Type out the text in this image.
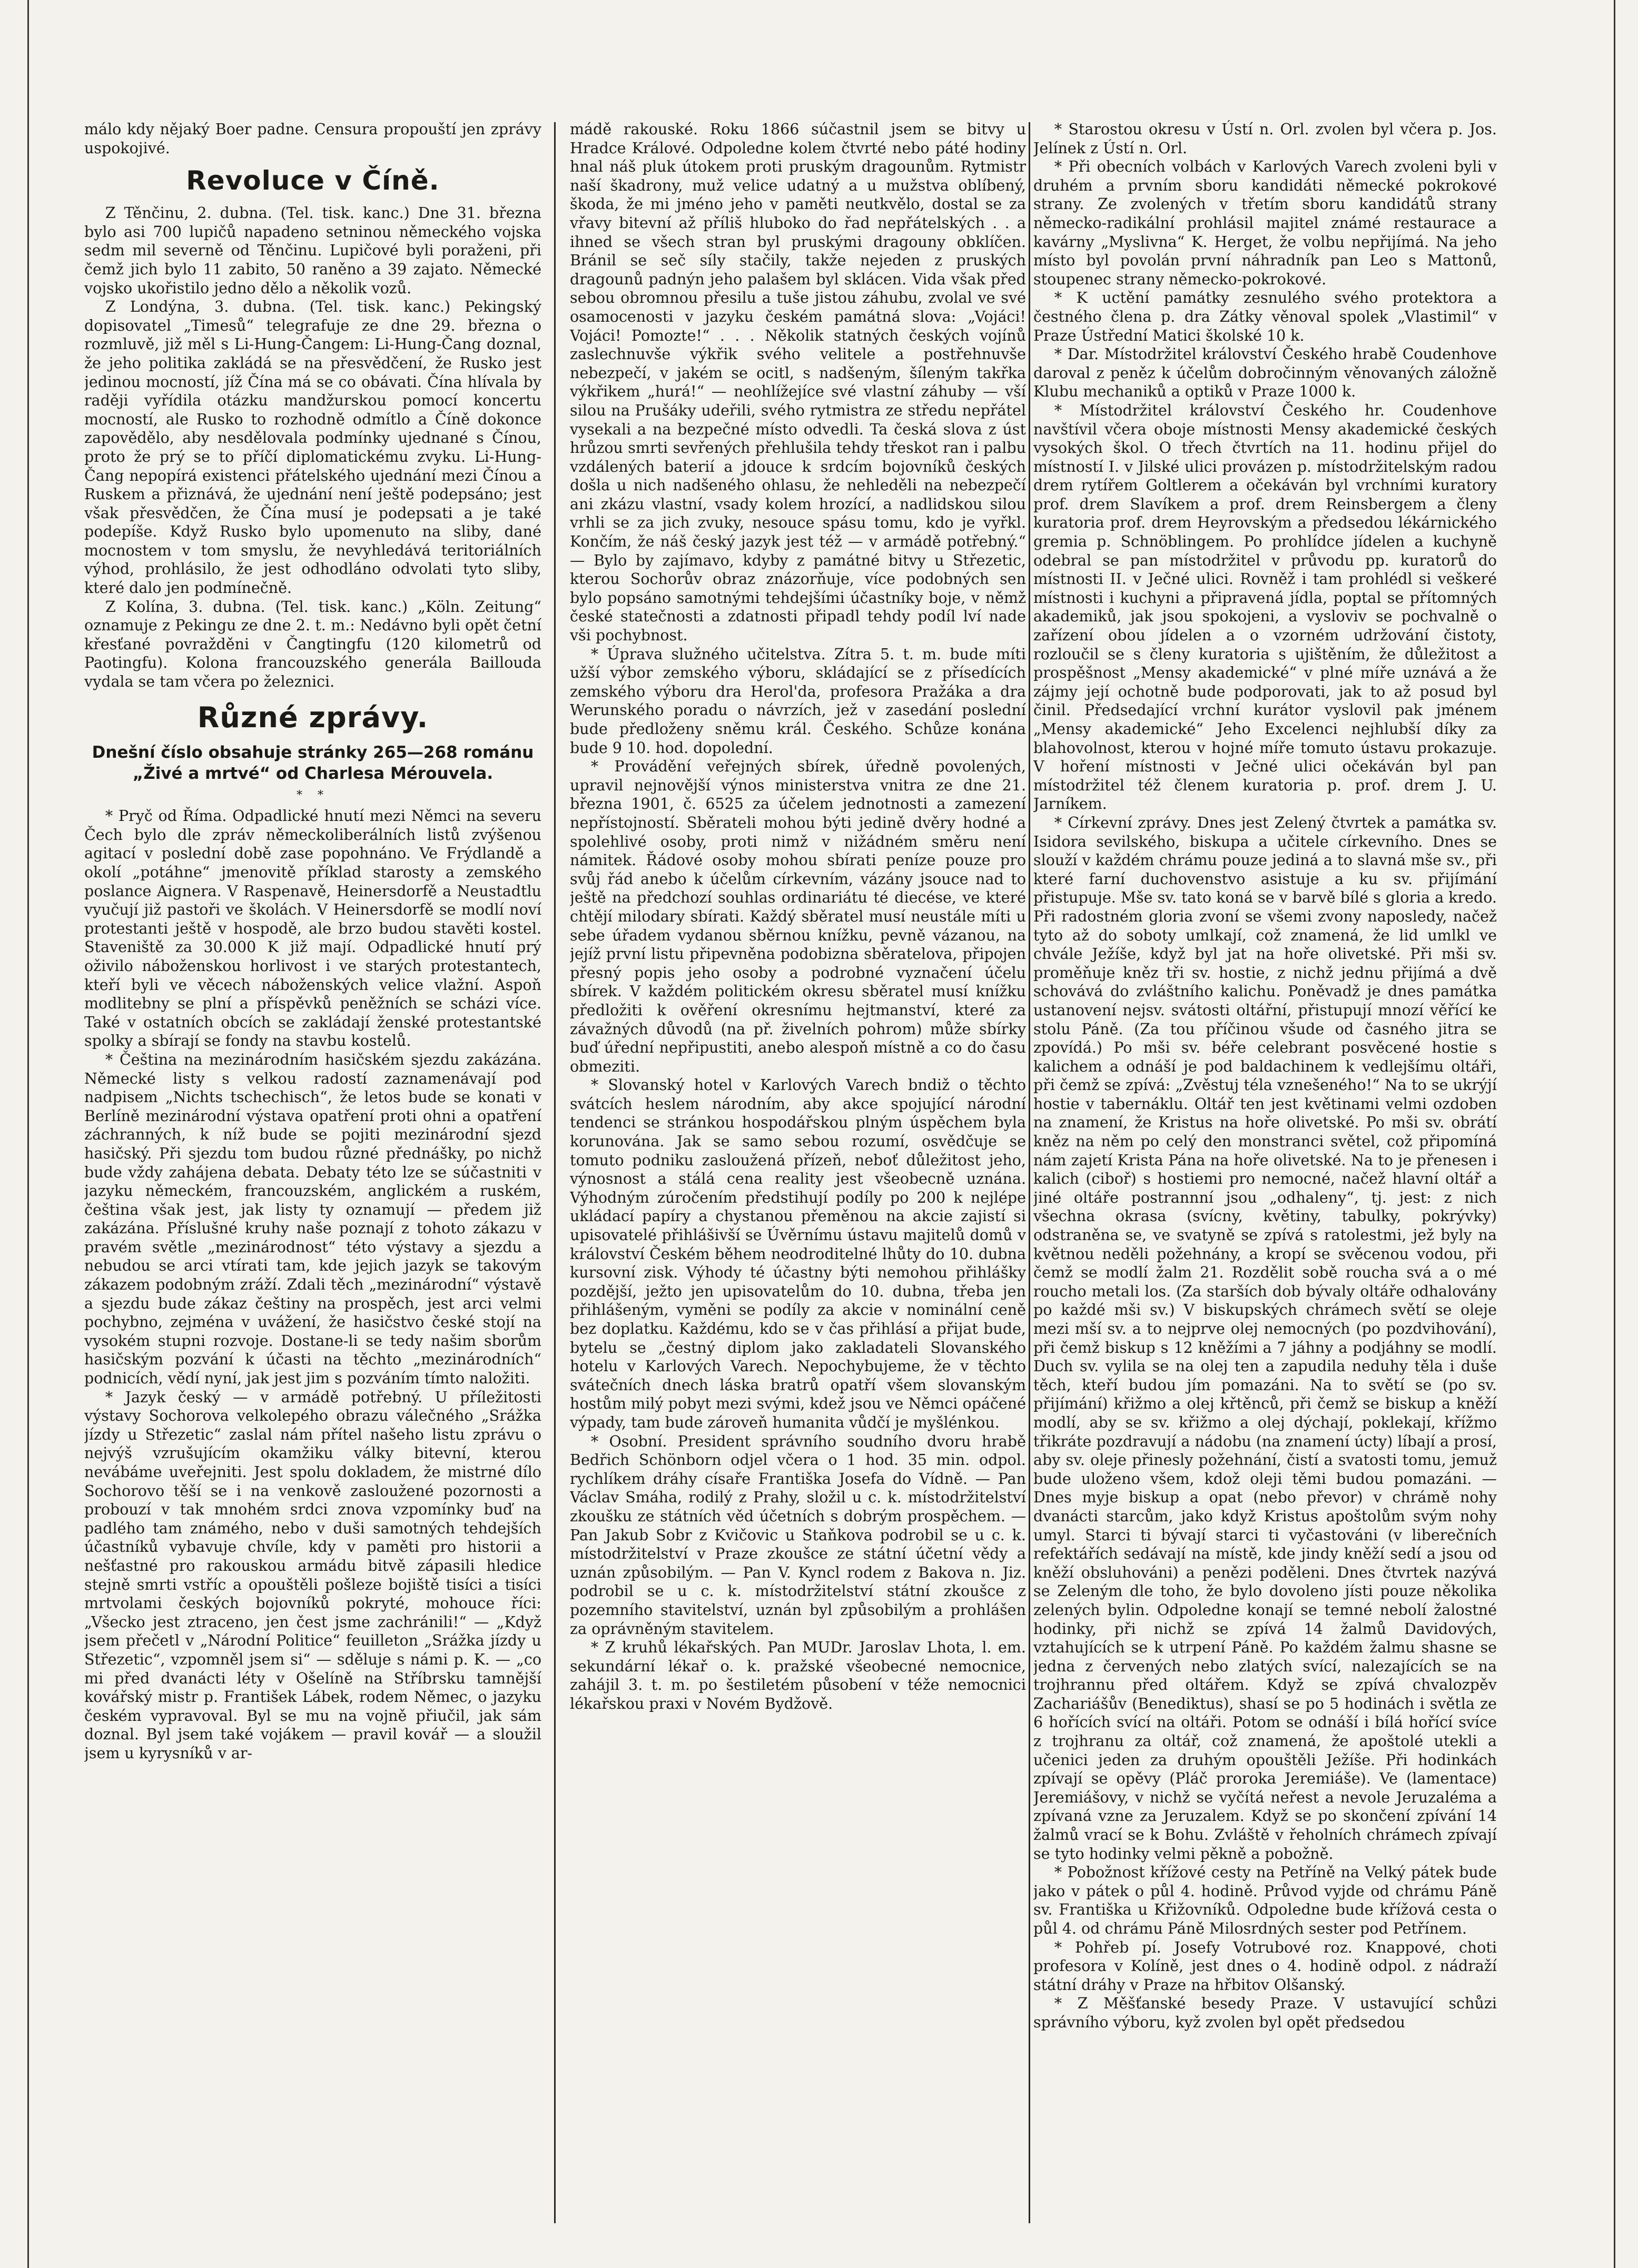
málo kdy nějaký Boer padne. Censura propouští jen zprávy uspokojivé.

Revoluce v Číně.

Z Těnčinu, 2. dubna. (Tel. tisk. kanc.) Dne 31. března bylo asi 700 lupičů napadeno setninou německého vojska sedm mil severně od Těnčinu. Lupičové byli poraženi, při čemž jich bylo 11 zabito, 50 raněno a 39 zajato. Německé vojsko ukořistilo jedno dělo a několik vozů.

Z Londýna, 3. dubna. (Tel. tisk. kanc.) Pekingský dopisovatel „Timesů“ telegrafuje ze dne 29. března o rozmluvě, již měl s Li-Hung-Čangem: Li-Hung-Čang doznal, že jeho politika zakládá se na přesvědčení, že Rusko jest jedinou mocností, jíž Čína má se co obávati. Čína hlívala by raději vyřídila otázku mandžurskou pomocí koncertu mocností, ale Rusko to rozhodně odmítlo a Číně dokonce zapovědělo, aby nesdělovala podmínky ujednané s Čínou, proto že prý se to příčí diplomatickému zvyku. Li-Hung-Čang nepopírá existenci přátelského ujednání mezi Čínou a Ruskem a přiznává, že ujednání není ještě podepsáno; jest však přesvědčen, že Čína musí je podepsati a je také podepíše. Když Rusko bylo upomenuto na sliby, dané mocnostem v tom smyslu, že nevyhledává teritoriálních výhod, prohlásilo, že jest odhodláno odvolati tyto sliby, které dalo jen podmínečně.

Z Kolína, 3. dubna. (Tel. tisk. kanc.) „Köln. Zeitung“ oznamuje z Pekingu ze dne 2. t. m.: Nedávno byli opět četní křesťané povražděni v Čangtingfu (120 kilometrů od Paotingfu). Kolona francouzského generála Baillouda vydala se tam včera po železnici.

Různé zprávy.
Dnešní číslo obsahuje stránky 265—268 románu „Živé a mrtvé“ od Charlesa Mérouvela.
* *

* Pryč od Říma. Odpadlické hnutí mezi Němci na severu Čech bylo dle zpráv německoliberálních listů zvýšenou agitací v poslední době zase popohnáno. Ve Frýdlandě a okolí „potáhne“ jmenovitě příklad starosty a zemského poslance Aignera. V Raspenavě, Heinersdorfě a Neustadtlu vyučují již pastoři ve školách. V Heinersdorfě se modlí noví protestanti ještě v hospodě, ale brzo budou stavěti kostel. Staveniště za 30.000 K již mají. Odpadlické hnutí prý oživilo náboženskou horlivost i ve starých protestantech, kteří byli ve věcech náboženských velice vlažní. Aspoň modlitebny se plní a příspěvků peněžních se scházi více. Také v ostatních obcích se zakládají ženské protestantské spolky a sbírají se fondy na stavbu kostelů.

* Čeština na mezinárodním hasičském sjezdu zakázána. Německé listy s velkou radostí zaznamenávají pod nadpisem „Nichts tschechisch“, že letos bude se konati v Berlíně mezinárodní výstava opatření proti ohni a opatření záchranných, k níž bude se pojiti mezinárodní sjezd hasičský. Při sjezdu tom budou různé přednášky, po nichž bude vždy zahájena debata. Debaty této lze se súčastniti v jazyku německém, francouzském, anglickém a ruském, čeština však jest, jak listy ty oznamují — předem již zakázána. Příslušné kruhy naše poznají z tohoto zákazu v pravém světle „mezinárodnost“ této výstavy a sjezdu a nebudou se arci vtírati tam, kde jejich jazyk se takovým zákazem podobným zráží. Zdali těch „mezinárodní“ výstavě a sjezdu bude zákaz češtiny na prospěch, jest arci velmi pochybno, zejména v uvážení, že hasičstvo české stojí na vysokém stupni rozvoje. Dostane-li se tedy našim sborům hasičským pozvání k účasti na těchto „mezinárodních“ podnicích, vědí nyní, jak jest jim s pozváním tímto naložiti.

* Jazyk český — v armádě potřebný. U příležitosti výstavy Sochorova velkolepého obrazu válečného „Srážka jízdy u Střezetic“ zaslal nám přítel našeho listu zprávu o nejvýš vzrušujícím okamžiku války bitevní, kterou nevábáme uveřejniti. Jest spolu dokladem, že mistrné dílo Sochorovo těší se i na venkově zasloužené pozornosti a probouzí v tak mnohém srdci znova vzpomínky buď na padlého tam známého, nebo v duši samotných tehdejších účastníků vybavuje chvíle, kdy v paměti pro historii a nešťastné pro rakouskou armádu bitvě zápasili hledice stejně smrti vstříc a opouštěli pošleze bojiště tisíci a tisíci mrtvolami českých bojovníků pokryté, mohouce říci: „Všecko jest ztraceno, jen čest jsme zachránili!“ — „Když jsem přečetl v „Národní Politice“ feuilleton „Srážka jízdy u Střezetic“, vzpomněl jsem si“ — sděluje s námi p. K. — „co mi před dvanácti léty v Ošelíně na Stříbrsku tamnější kovářský mistr p. František Lábek, rodem Němec, o jazyku českém vypravoval. Byl se mu na vojně přiučil, jak sám doznal. Byl jsem také vojákem — pravil kovář — a sloužil jsem u kyrysníků v ar-

mádě rakouské. Roku 1866 súčastnil jsem se bitvy u Hradce Králové. Odpoledne kolem čtvrté nebo páté hodiny hnal náš pluk útokem proti pruským dragounům. Rytmistr naší škadrony, muž velice udatný a u mužstva oblíbený, škoda, že mi jméno jeho v paměti neutkvělo, dostal se za vřavy bitevní až příliš hluboko do řad nepřátelských . . a ihned se všech stran byl pruskými dragouny obklíčen. Bránil se seč síly stačily, takže nejeden z pruských dragounů padnýn jeho palašem byl sklácen. Vida však před sebou obromnou přesilu a tuše jistou záhubu, zvolal ve své osamocenosti v jazyku českém památná slova: „Vojáci! Vojáci! Pomozte!“ . . . Několik statných českých vojínů zaslechnuvše výkřik svého velitele a postřehnuvše nebezpečí, v jakém se ocitl, s nadšeným, šíleným takřka výkřikem „hurá!“ — neohlížejíce své vlastní záhuby — vší silou na Prušáky udeřili, svého rytmistra ze středu nepřátel vysekali a na bezpečné místo odvedli. Ta česká slova z úst hrůzou smrti sevřených přehlušila tehdy třeskot ran i palbu vzdálených baterií a jdouce k srdcím bojovníků českých došla u nich nadšeného ohlasu, že nehleděli na nebezpečí ani zkázu vlastní, vsady kolem hrozící, a nadlidskou silou vrhli se za jich zvuky, nesouce spásu tomu, kdo je vyřkl. Končím, že náš český jazyk jest též — v armádě potřebný.“ — Bylo by zajímavo, kdyby z památné bitvy u Střezetic, kterou Sochorův obraz znázorňuje, více podobných sen bylo popsáno samotnými tehdejšími účastníky boje, v němž české statečnosti a zdatnosti připadl tehdy podíl lví nade vši pochybnost.

* Úprava služného učitelstva. Zítra 5. t. m. bude míti užší výbor zemského výboru, skládající se z přísedících zemského výboru dra Herol'da, profesora Pražáka a dra Werunského poradu o návrzích, jež v zasedání poslední bude předloženy sněmu král. Českého. Schůze konána bude 9 10. hod. dopolední.

* Provádění veřejných sbírek, úředně povolených, upravil nejnovější výnos ministerstva vnitra ze dne 21. března 1901, č. 6525 za účelem jednotnosti a zamezení nepřístojností. Sběrateli mohou býti jedině dvěry hodné a spolehlivé osoby, proti nimž v nižádném směru není námitek. Řádové osoby mohou sbírati peníze pouze pro svůj řád anebo k účelům církevním, vázány jsouce nad to ještě na předchozí souhlas ordinariátu té diecése, ve které chtějí milodary sbírati. Každý sběratel musí neustále míti u sebe úřadem vydanou sběrnou knížku, pevně vázanou, na jejíž první listu připevněna podobizna sběratelova, připojen přesný popis jeho osoby a podrobné vyznačení účelu sbírek. V každém politickém okresu sběratel musí knížku předložiti k ověření okresnímu hejtmanství, které za závažných důvodů (na př. živelních pohrom) může sbírky buď úřední nepřipustiti, anebo alespoň místně a co do času obmeziti.

* Slovanský hotel v Karlových Varech bndiž o těchto svátcích heslem národním, aby akce spojující národní tendenci se stránkou hospodářskou plným úspěchem byla korunována. Jak se samo sebou rozumí, osvědčuje se tomuto podniku zasloužená přízeň, neboť důležitost jeho, výnosnost a stálá cena reality jest všeobecně uznána. Výhodným zúročením předstihují podíly po 200 k nejlépe ukládací papíry a chystanou přeměnou na akcie zajistí si upisovatelé přihlášivší se Úvěrnímu ústavu majitelů domů v království Českém během neodroditelné lhůty do 10. dubna kursovní zisk. Výhody té účastny býti nemohou přihlášky pozdější, ježto jen upisovatelům do 10. dubna, třeba jen přihlášeným, vyměni se podíly za akcie v nominální ceně bez doplatku. Každému, kdo se v čas přihlásí a přijat bude, bytelu se „čestný diplom jako zakladateli Slovanského hotelu v Karlových Varech. Nepochybujeme, že v těchto svátečních dnech láska bratrů opatří všem slovanským hostům milý pobyt mezi svými, kdež jsou ve Němci opáčené výpady, tam bude zároveň humanita vůdčí je myšlénkou.

* Osobní. President správního soudního dvoru hrabě Bedřich Schönborn odjel včera o 1 hod. 35 min. odpol. rychlíkem dráhy císaře Františka Josefa do Vídně. — Pan Václav Smáha, rodilý z Prahy, složil u c. k. místodržitelství zkoušku ze státních věd účetních s dobrým prospěchem. — Pan Jakub Sobr z Kvičovic u Staňkova podrobil se u c. k. místodržitelství v Praze zkoušce ze státní účetní vědy a uznán způsobilým. — Pan V. Kyncl rodem z Bakova n. Jiz. podrobil se u c. k. místodržitelství státní zkoušce z pozemního stavitelství, uznán byl způsobilým a prohlášen za oprávněným stavitelem.

* Z kruhů lékařských. Pan MUDr. Jaroslav Lhota, l. em. sekundární lékař o. k. pražské všeobecné nemocnice, zahájil 3. t. m. po šestiletém působení v téže nemocnici lékařskou praxi v Novém Bydžově.

* Starostou okresu v Ústí n. Orl. zvolen byl včera p. Jos. Jelínek z Ústí n. Orl.

* Při obecních volbách v Karlových Varech zvoleni byli v druhém a prvním sboru kandidáti německé pokrokové strany. Ze zvolených v třetím sboru kandidátů strany německo-radikální prohlásil majitel známé restaurace a kavárny „Myslivna“ K. Herget, že volbu nepřijímá. Na jeho místo byl povolán první náhradník pan Leo s Mattonů, stoupenec strany německo-pokrokové.

* K uctění památky zesnulého svého protektora a čestného člena p. dra Zátky věnoval spolek „Vlastimil“ v Praze Ústřední Matici školské 10 k.

* Dar. Místodržitel království Českého hrabě Coudenhove daroval z peněz k účelům dobročinným věnovaných záložně Klubu mechaniků a optiků v Praze 1000 k.

* Místodržitel království Českého hr. Coudenhove navštívil včera oboje místnosti Mensy akademické českých vysokých škol. O třech čtvrtích na 11. hodinu přijel do místností I. v Jilské ulici provázen p. místodržitelským radou drem rytířem Goltlerem a očekáván byl vrchními kuratory prof. drem Slavíkem a prof. drem Reinsbergem a členy kuratoria prof. drem Heyrovským a předsedou lékárnického gremia p. Schnöblingem. Po prohlídce jídelen a kuchyně odebral se pan místodržitel v průvodu pp. kuratorů do místnosti II. v Ječné ulici. Rovněž i tam prohlédl si veškeré místnosti i kuchyni a připravená jídla, poptal se přítomných akademiků, jak jsou spokojeni, a vysloviv se pochvalně o zařízení obou jídelen a o vzorném udržování čistoty, rozloučil se s členy kuratoria s ujištěním, že důležitost a prospěšnost „Mensy akademické“ v plné míře uznává a že zájmy její ochotně bude podporovati, jak to až posud byl činil. Předsedající vrchní kurátor vyslovil pak jménem „Mensy akademické“ Jeho Excelenci nejhlubší díky za blahovolnost, kterou v hojné míře tomuto ústavu prokazuje. V hoření místnosti v Ječné ulici očekáván byl pan místodržitel též členem kuratoria p. prof. drem J. U. Jarníkem.

* Církevní zprávy. Dnes jest Zelený čtvrtek a památka sv. Isidora sevilského, biskupa a učitele církevního. Dnes se slouží v každém chrámu pouze jediná a to slavná mše sv., při které farní duchovenstvo asistuje a ku sv. přijímání přistupuje. Mše sv. tato koná se v barvě bílé s gloria a kredo. Při radostném gloria zvoní se všemi zvony naposledy, načež tyto až do soboty umlkají, což znamená, že lid umlkl ve chvále Ježíše, když byl jat na hoře olivetské. Při mši sv. proměňuje kněz tři sv. hostie, z nichž jednu přijímá a dvě schovává do zvláštního kalichu. Poněvadž je dnes památka ustanovení nejsv. svátosti oltářní, přistupují mnozí věřící ke stolu Páně. (Za tou příčinou všude od časného jitra se zpovídá.) Po mši sv. béře celebrant posvěcené hostie s kalichem a odnáší je pod baldachinem k vedlejšímu oltáři, při čemž se zpívá: „Zvěstuj téla vznešeného!“ Na to se ukrýjí hostie v tabernáklu. Oltář ten jest květinami velmi ozdoben na znamení, že Kristus na hoře olivetské. Po mši sv. obrátí kněz na něm po celý den monstranci světel, což připomíná nám zajetí Krista Pána na hoře olivetské. Na to je přenesen i kalich (ciboř) s hostiemi pro nemocné, načež hlavní oltář a jiné oltáře postrannní jsou „odhaleny“, tj. jest: z nich všechna okrasa (svícny, květiny, tabulky, pokrývky) odstraněna se, ve svatyně se zpívá s ratolestmi, jež byly na květnou neděli požehnány, a kropí se svěcenou vodou, při čemž se modlí žalm 21. Rozdělit sobě roucha svá a o mé roucho metali los. (Za starších dob bývaly oltáře odhalovány po každé mši sv.) V biskupských chrámech světí se oleje mezi mší sv. a to nejprve olej nemocných (po pozdvihování), při čemž biskup s 12 kněžími a 7 jáhny a podjáhny se modlí. Duch sv. vylila se na olej ten a zapudila neduhy těla i duše těch, kteří budou jím pomazáni. Na to světí se (po sv. přijímání) křižmo a olej křtěnců, při čemž se biskup a kněží modlí, aby se sv. křižmo a olej dýchají, poklekají, křížmo třikráte pozdravují a nádobu (na znamení úcty) líbají a prosí, aby sv. oleje přinesly požehnání, čistí a svatosti tomu, jemuž bude uloženo všem, kdož oleji těmi budou pomazáni. — Dnes myje biskup a opat (nebo převor) v chrámě nohy dvanácti starcům, jako když Kristus apoštolům svým nohy umyl. Starci ti bývají starci ti vyčastováni (v liberečních refektářích sedávají na místě, kde jindy kněží sedí a jsou od kněží obsluhováni) a penězi poděleni. Dnes čtvrtek nazývá se Zeleným dle toho, že bylo dovoleno jísti pouze několika zelených bylin. Odpoledne konají se temné nebolí žalostné hodinky, při nichž se zpívá 14 žalmů Davidových, vztahujících se k utrpení Páně. Po každém žalmu shasne se jedna z červených nebo zlatých svící, nalezajících se na trojhrannu před oltářem. Když se zpívá chvalozpěv Zachariášův (Benediktus), shasí se po 5 hodinách i světla ze 6 hořících svící na oltáři. Potom se odnáší i bílá hořící svíce z trojhranu za oltář, což znamená, že apoštolé utekli a učenici jeden za druhým opouštěli Ježíše. Při hodinkách zpívají se opěvy (Pláč proroka Jeremiáše). Ve (lamentace) Jeremiášovy, v nichž se vyčítá neřest a nevole Jeruzaléma a zpívaná vzne za Jeruzalem. Když se po skončení zpívání 14 žalmů vrací se k Bohu. Zvláště v řeholních chrámech zpívají se tyto hodinky velmi pěkně a pobožně.

* Pobožnost křížové cesty na Petříně na Velký pátek bude jako v pátek o půl 4. hodině. Průvod vyjde od chrámu Páně sv. Františka u Křižovníků. Odpoledne bude křížová cesta o půl 4. od chrámu Páně Milosrdných sester pod Petřínem.

* Pohřeb pí. Josefy Votrubové roz. Knappové, choti profesora v Kolíně, jest dnes o 4. hodině odpol. z nádraží státní dráhy v Praze na hřbitov Olšanský.

* Z Měšťanské besedy Praze. V ustavující schůzi správního výboru, kyž zvolen byl opět předsedou
